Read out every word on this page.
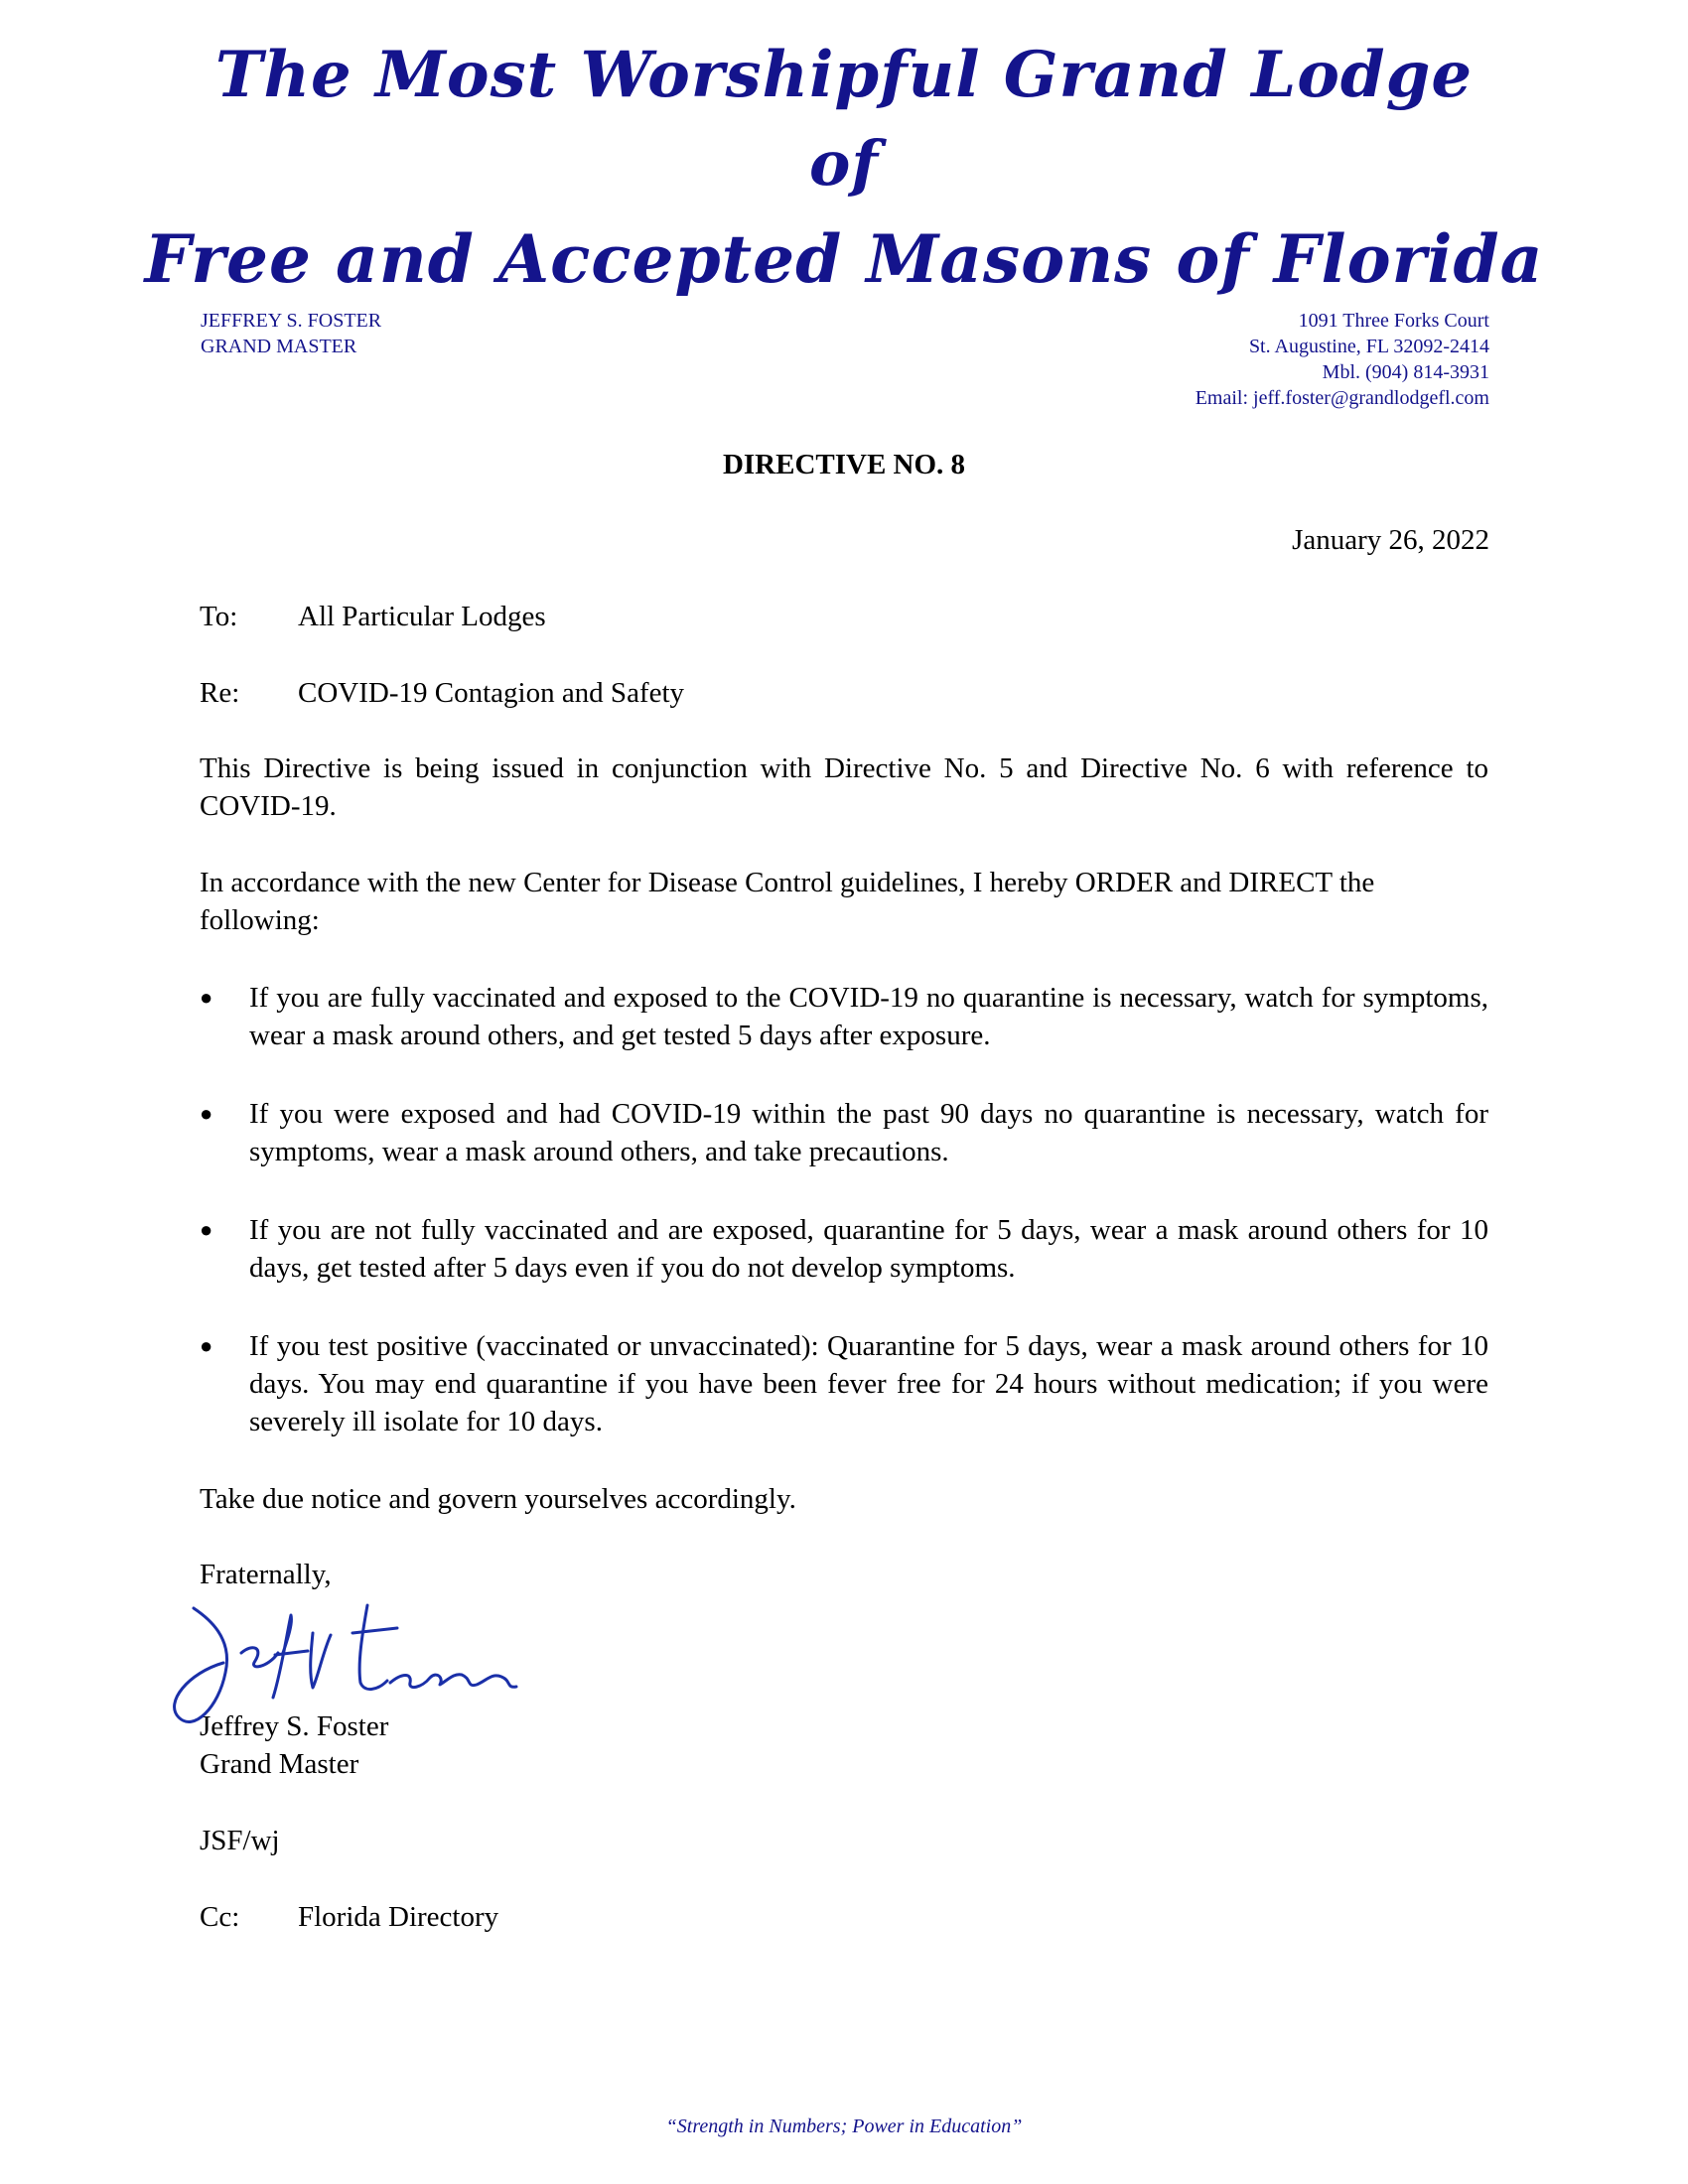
The Most Worshipful Grand Lodge
of
Free and Accepted Masons of Florida
JEFFREY S. FOSTER
GRAND MASTER
1091 Three Forks Court
St. Augustine, FL 32092-2414
Mbl. (904) 814-3931
Email: jeff.foster@grandlodgefl.com
DIRECTIVE NO. 8
January 26, 2022
To: All Particular Lodges
Re: COVID-19 Contagion and Safety
This Directive is being issued in conjunction with Directive No. 5 and Directive No. 6 with reference to COVID-19.
In accordance with the new Center for Disease Control guidelines, I hereby ORDER and DIRECT the following:
●	If you are fully vaccinated and exposed to the COVID-19 no quarantine is necessary, watch for symptoms, wear a mask around others, and get tested 5 days after exposure.
●	If you were exposed and had COVID-19 within the past 90 days no quarantine is necessary, watch for symptoms, wear a mask around others, and take precautions.
●	If you are not fully vaccinated and are exposed, quarantine for 5 days, wear a mask around others for 10 days, get tested after 5 days even if you do not develop symptoms.
●	If you test positive (vaccinated or unvaccinated): Quarantine for 5 days, wear a mask around others for 10 days. You may end quarantine if you have been fever free for 24 hours without medication; if you were severely ill isolate for 10 days.
Take due notice and govern yourselves accordingly.
Fraternally,
Jeffrey S. Foster
Grand Master
JSF/wj
Cc: Florida Directory
“Strength in Numbers; Power in Education”
